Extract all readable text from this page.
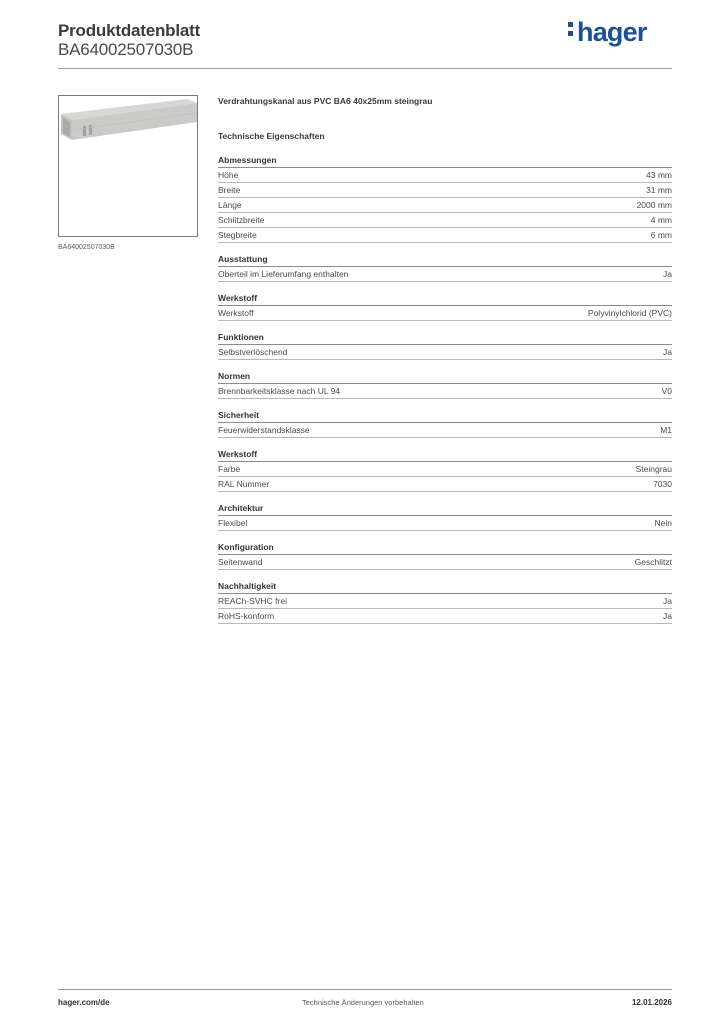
Produktdatenblatt
BA64002507030B
hager
BA64002507030B
Verdrahtungskanal aus PVC BA6 40x25mm steingrau
Technische Eigenschaften
Abmessungen
Höhe	43 mm
Breite	31 mm
Länge	2000 mm
Schlitzbreite	4 mm
Stegbreite	6 mm
Ausstattung
Oberteil im Lieferumfang enthalten	Ja
Werkstoff
Werkstoff	Polyvinylchlorid (PVC)
Funktionen
Selbstverlöschend	Ja
Normen
Brennbarkeitsklasse nach UL 94	V0
Sicherheit
Feuerwiderstandsklasse	M1
Werkstoff
Farbe	Steingrau
RAL Nummer	7030
Architektur
Flexibel	Nein
Konfiguration
Seitenwand	Geschlitzt
Nachhaltigkeit
REACh-SVHC frei	Ja
RoHS-konform	Ja
hager.com/de	Technische Änderungen vorbehalten	12.01.2026
